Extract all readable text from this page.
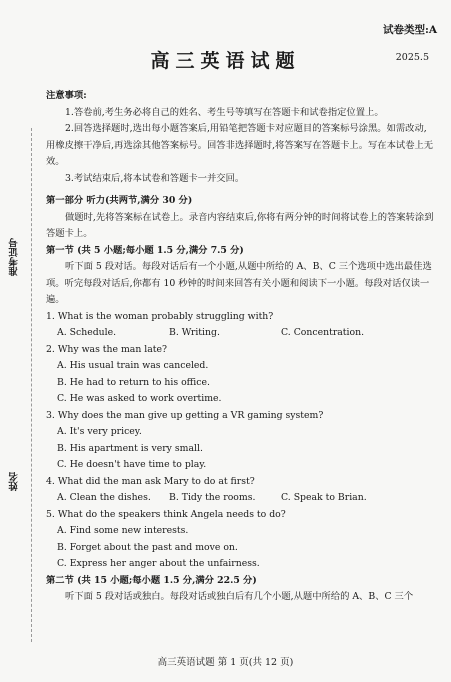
试卷类型:A
高三英语试题	2025.5
准考证号
姓名

注意事项:

1.答卷前,考生务必将自己的姓名、考生号等填写在答题卡和试卷指定位置上。

2.回答选择题时,选出每小题答案后,用铅笔把答题卡对应题目的答案标号涂黑。如需改动,用橡皮擦干净后,再选涂其他答案标号。回答非选择题时,将答案写在答题卡上。写在本试卷上无效。

3.考试结束后,将本试卷和答题卡一并交回。

第一部分 听力(共两节,满分 30 分)

做题时,先将答案标在试卷上。录音内容结束后,你将有两分钟的时间将试卷上的答案转涂到答题卡上。

第一节 (共 5 小题;每小题 1.5 分,满分 7.5 分)

听下面 5 段对话。每段对话后有一个小题,从题中所给的 A、B、C 三个选项中选出最佳选项。听完每段对话后,你都有 10 秒钟的时间来回答有关小题和阅读下一小题。每段对话仅读一遍。

1. What is the woman probably struggling with?

A. Schedule.	B. Writing.	C. Concentration.

2. Why was the man late?

A. His usual train was canceled.

B. He had to return to his office.

C. He was asked to work overtime.

3. Why does the man give up getting a VR gaming system?

A. It's very pricey.

B. His apartment is very small.

C. He doesn't have time to play.

4. What did the man ask Mary to do at first?

A. Clean the dishes.	B. Tidy the rooms.	C. Speak to Brian.

5. What do the speakers think Angela needs to do?

A. Find some new interests.

B. Forget about the past and move on.

C. Express her anger about the unfairness.

第二节 (共 15 小题;每小题 1.5 分,满分 22.5 分)

听下面 5 段对话或独白。每段对话或独白后有几个小题,从题中所给的 A、B、C 三个

高三英语试题 第 1 页(共 12 页)
